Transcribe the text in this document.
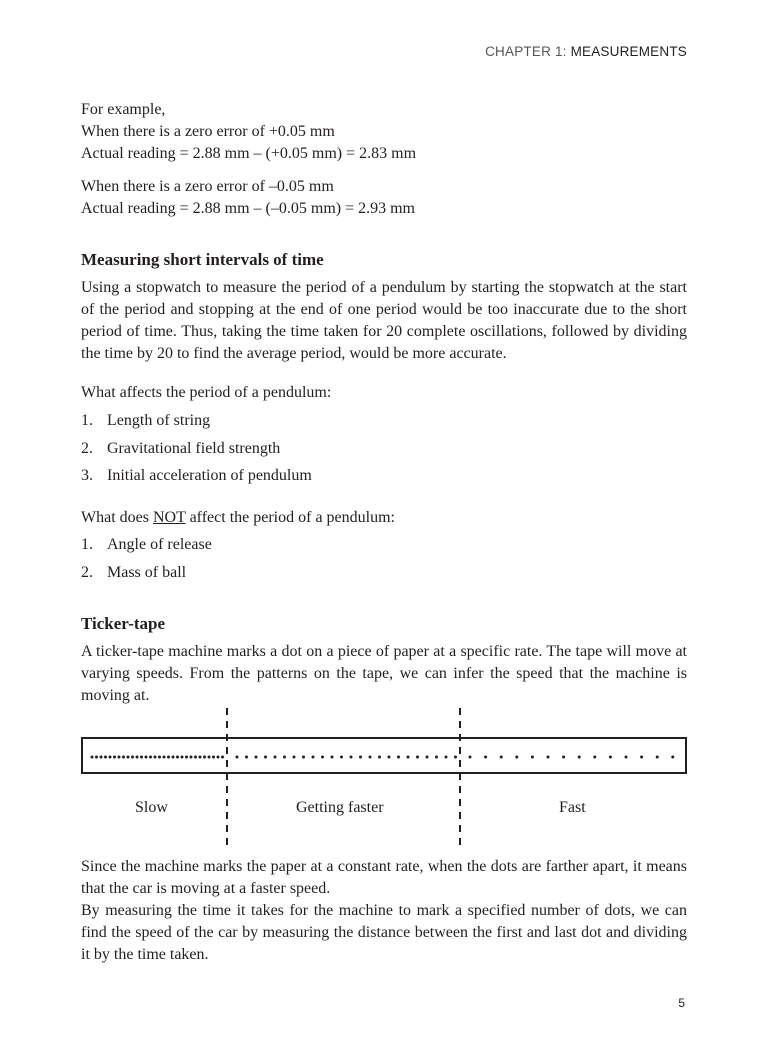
CHAPTER 1: MEASUREMENTS
For example,
When there is a zero error of +0.05 mm
Actual reading = 2.88 mm – (+0.05 mm) = 2.83 mm
When there is a zero error of –0.05 mm
Actual reading = 2.88 mm – (–0.05 mm) = 2.93 mm
Measuring short intervals of time
Using a stopwatch to measure the period of a pendulum by starting the stopwatch at the start of the period and stopping at the end of one period would be too inaccurate due to the short period of time. Thus, taking the time taken for 20 complete oscillations, followed by dividing the time by 20 to find the average period, would be more accurate.
What affects the period of a pendulum:
1. Length of string
2. Gravitational field strength
3. Initial acceleration of pendulum
What does NOT affect the period of a pendulum:
1. Angle of release
2. Mass of ball
Ticker-tape
A ticker-tape machine marks a dot on a piece of paper at a specific rate. The tape will move at varying speeds. From the patterns on the tape, we can infer the speed that the machine is moving at.
Slow	Getting faster	Fast
Since the machine marks the paper at a constant rate, when the dots are farther apart, it means that the car is moving at a faster speed.
By measuring the time it takes for the machine to mark a specified number of dots, we can find the speed of the car by measuring the distance between the first and last dot and dividing it by the time taken.
5
